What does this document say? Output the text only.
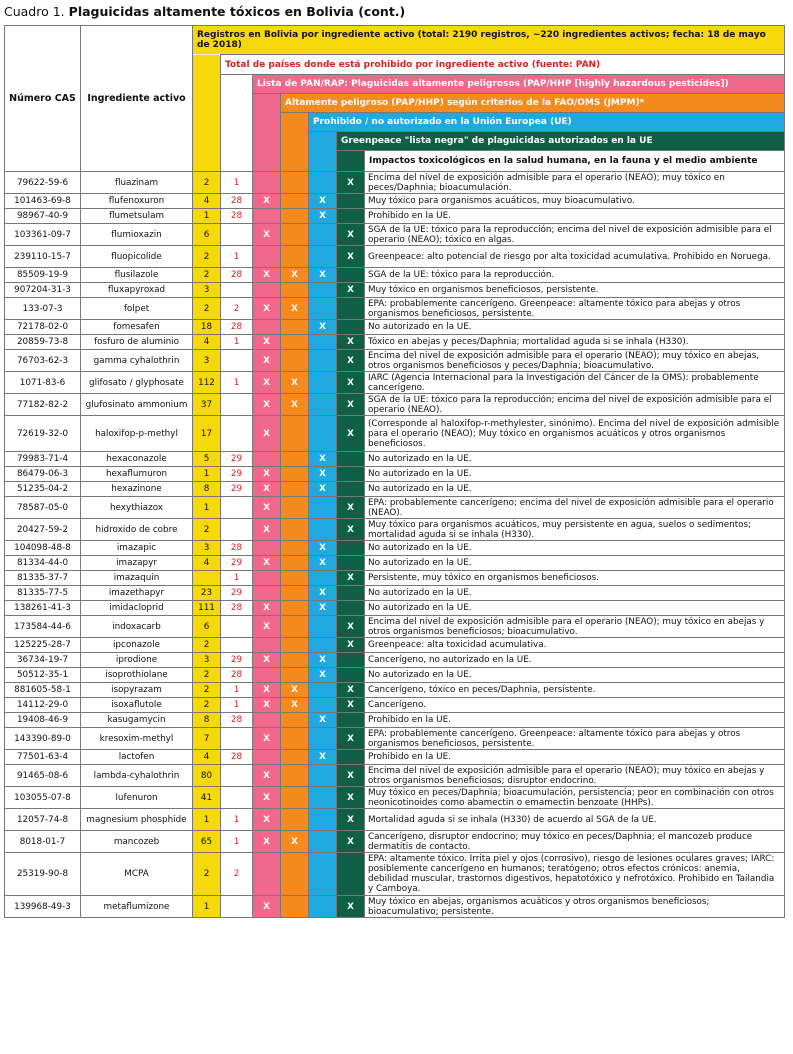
Cuadro 1. Plaguicidas altamente tóxicos en Bolivia (cont.)
Número CAS	Ingrediente activo	Registros en Bolivia por ingrediente activo (total: 2190 registros, ~220 ingredientes activos; fecha: 18 de mayo de 2018)						
			Total de países donde está prohibido por ingrediente activo (fuente: PAN)					
				Lista de PAN/RAP: Plaguicidas altamente peligrosos (PAP/HHP [highly hazardous pesticides])				
					Altamente peligroso (PAP/HHP) según criterios de la FAO/OMS (JMPM)*			
						Prohibido / no autorizado en la Unión Europea (UE)		
							Greenpeace "lista negra" de plaguicidas autorizados en la UE	
								Impactos toxicológicos en la salud humana, en la fauna y el medio ambiente
79622-59-6	fluazinam	2	1				X	Encima del nivel de exposición admisible para el operario (NEAO); muy tóxico en peces/Daphnia; bioacumulación.
101463-69-8	flufenoxuron	4	28	X		X		Muy tóxico para organismos acuáticos, muy bioacumulativo.
98967-40-9	flumetsulam	1	28			X		Prohibido en la UE.
103361-09-7	flumioxazin	6		X			X	SGA de la UE: tóxico para la reproducción; encima del nivel de exposición admisible para el operario (NEAO); tóxico en algas.
239110-15-7	fluopicolide	2	1				X	Greenpeace: alto potencial de riesgo por alta toxicidad acumulativa. Prohibido en Noruega.
85509-19-9	flusilazole	2	28	X	X	X		SGA de la UE: tóxico para la reproducción.
907204-31-3	fluxapyroxad	3					X	Muy tóxico en organismos beneficiosos, persistente.
133-07-3	folpet	2	2	X	X			EPA: probablemente cancerígeno. Greenpeace: altamente tóxico para abejas y otros organismos beneficiosos, persistente.
72178-02-0	fomesafen	18	28			X		No autorizado en la UE.
20859-73-8	fosfuro de aluminio	4	1	X			X	Tóxico en abejas y peces/Daphnia; mortalidad aguda si se inhala (H330).
76703-62-3	gamma cyhalothrin	3		X			X	Encima del nivel de exposición admisible para el operario (NEAO); muy tóxico en abejas, otros organismos beneficiosos y peces/Daphnia; bioacumulativo.
1071-83-6	glifosato / glyphosate	112	1	X	X		X	IARC (Agencia Internacional para la Investigación del Cáncer de la OMS): probablemente cancerígeno.
77182-82-2	glufosinato ammonium	37		X	X		X	SGA de la UE: tóxico para la reproducción; encima del nivel de exposición admisible para el operario (NEAO).
72619-32-0	haloxifop-p-methyl	17		X			X	(Corresponde al haloxifop-r-methylester, sinónimo). Encima del nivel de exposición admisible para el operario (NEAO); Muy tóxico en organismos acuáticos y otros organismos beneficiosos.
79983-71-4	hexaconazole	5	29			X		No autorizado en la UE.
86479-06-3	hexaflumuron	1	29	X		X		No autorizado en la UE.
51235-04-2	hexazinone	8	29	X		X		No autorizado en la UE.
78587-05-0	hexythiazox	1		X			X	EPA: probablemente cancerígeno; encima del nivel de exposición admisible para el operario (NEAO).
20427-59-2	hidroxido de cobre	2		X			X	Muy tóxico para organismos acuáticos, muy persistente en agua, suelos o sedimentos; mortalidad aguda si se inhala (H330).
104098-48-8	imazapic	3	28			X		No autorizado en la UE.
81334-44-0	imazapyr	4	29	X		X		No autorizado en la UE.
81335-37-7	imazaquin		1				X	Persistente, muy tóxico en organismos beneficiosos.
81335-77-5	imazethapyr	23	29			X		No autorizado en la UE.
138261-41-3	imidacloprid	111	28	X		X		No autorizado en la UE.
173584-44-6	indoxacarb	6		X			X	Encima del nivel de exposición admisible para el operario (NEAO); muy tóxico en abejas y otros organismos beneficiosos; bioacumulativo.
125225-28-7	ipconazole	2					X	Greenpeace: alta toxicidad acumulativa.
36734-19-7	iprodione	3	29	X		X		Cancerígeno, no autorizado en la UE.
50512-35-1	isoprothiolane	2	28			X		No autorizado en la UE.
881605-58-1	isopyrazam	2	1	X	X		X	Cancerígeno, tóxico en peces/Daphnia, persistente.
14112-29-0	isoxaflutole	2	1	X	X		X	Cancerígeno.
19408-46-9	kasugamycin	8	28			X		Prohibido en la UE.
143390-89-0	kresoxim-methyl	7		X			X	EPA: probablemente cancerígeno. Greenpeace: altamente tóxico para abejas y otros organismos beneficiosos, persistente.
77501-63-4	lactofen	4	28			X		Prohibido en la UE.
91465-08-6	lambda-cyhalothrin	80		X			X	Encima del nivel de exposición admisible para el operario (NEAO); muy tóxico en abejas y otros organismos beneficiosos; disruptor endocrino.
103055-07-8	lufenuron	41		X			X	Muy tóxico en peces/Daphnia; bioacumulación, persistencia; peor en combinación con otros neonicotinoides como abamectin o emamectin benzoate (HHPs).
12057-74-8	magnesium phosphide	1	1	X			X	Mortalidad aguda si se inhala (H330) de acuerdo al SGA de la UE.
8018-01-7	mancozeb	65	1	X	X		X	Cancerígeno, disruptor endocrino; muy tóxico en peces/Daphnia; el mancozeb produce dermatitis de contacto.
25319-90-8	MCPA	2	2					EPA: altamente tóxico. Irrita piel y ojos (corrosivo), riesgo de lesiones oculares graves; IARC: posiblemente cancerígeno en humanos; teratógeno; otros efectos crónicos: anemia, debilidad muscular, trastornos digestivos, hepatotóxico y nefrotóxico. Prohibido en Tailandia y Camboya.
139968-49-3	metaflumizone	1		X			X	Muy tóxico en abejas, organismos acuáticos y otros organismos beneficiosos; bioacumulativo; persistente.
